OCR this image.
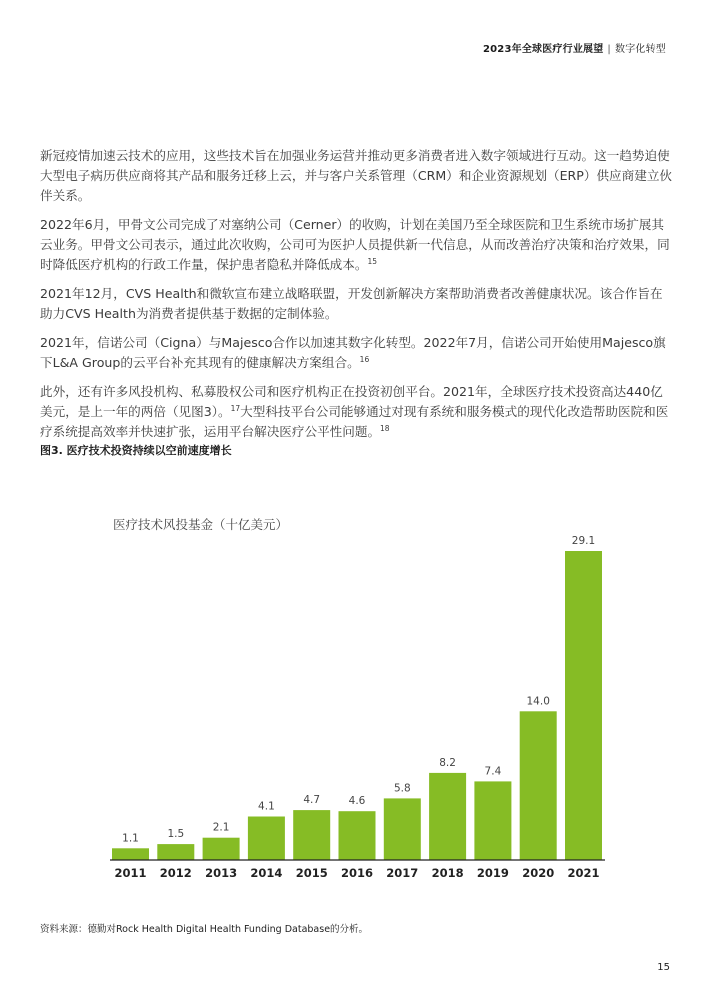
2023年全球医疗行业展望 | 数字化转型

新冠疫情加速云技术的应用，这些技术旨在加强业务运营并推动更多消费者进入数字领域进行互动。这一趋势迫使大型电子病历供应商将其产品和服务迁移上云，并与客户关系管理（CRM）和企业资源规划（ERP）供应商建立伙伴关系。

2022年6月，甲骨文公司完成了对塞纳公司（Cerner）的收购，计划在美国乃至全球医院和卫生系统市场扩展其云业务。甲骨文公司表示，通过此次收购，公司可为医护人员提供新一代信息，从而改善治疗决策和治疗效果，同时降低医疗机构的行政工作量，保护患者隐私并降低成本。$^{15}$

2021年12月，CVS Health和微软宣布建立战略联盟，开发创新解决方案帮助消费者改善健康状况。该合作旨在助力CVS Health为消费者提供基于数据的定制体验。

2021年，信诺公司（Cigna）与Majesco合作以加速其数字化转型。2022年7月，信诺公司开始使用Majesco旗下L&A Group的云平台补充其现有的健康解决方案组合。$^{16}$

此外，还有许多风投机构、私募股权公司和医疗机构正在投资初创平台。2021年，全球医疗技术投资高达440亿美元，是上一年的两倍（见图3）。$^{17}$大型科技平台公司能够通过对现有系统和服务模式的现代化改造帮助医院和医疗系统提高效率并快速扩张，运用平台解决医疗公平性问题。$^{18}$

图3. 医疗技术投资持续以空前速度增长
医疗技术风投基金（十亿美元）
1.1	1.5
2.1
4.1
4.7	4.6
5.8
8.2
7.4
14.0
29.1
2011 2012 2013 2014 2015 2016 2017 2018 2019 2020 2021
资料来源：德勤对Rock Health Digital Health Funding Database的分析。
15
